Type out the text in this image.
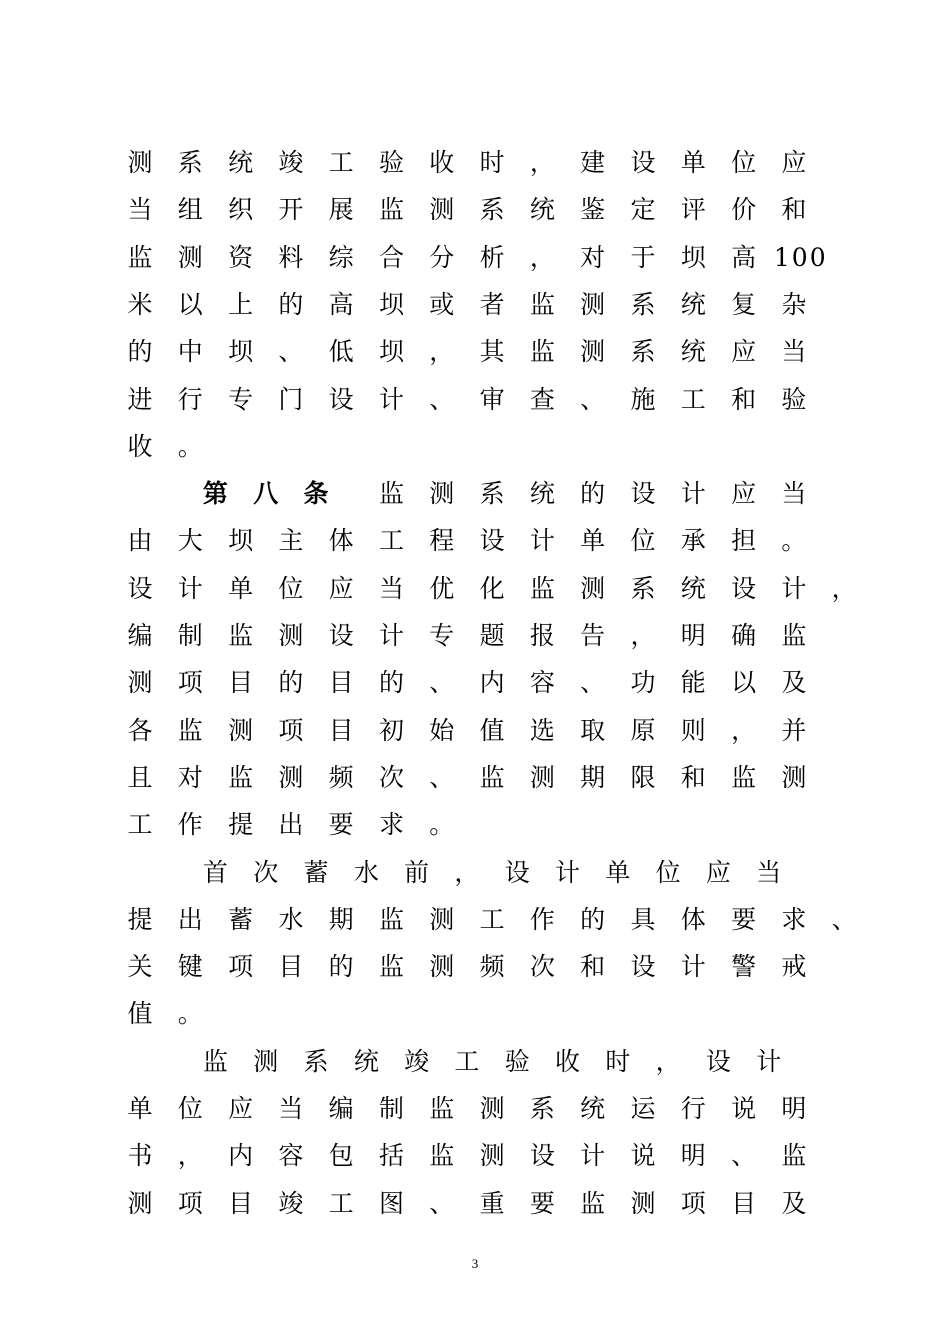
测	系	统	竣	工	验	收	时	，	建	设	单	位	应
当	组	织	开	展	监	测	系	统	鉴	定	评	价	和
监	测	资	料	综	合	分	析	，	对	于	坝	高 100
米	以	上	的	高	坝	或	者	监	测	系	统	复	杂
的	中	坝	、	低	坝	，	其	监	测	系	统	应	当
进	行	专	门	设	计	、	审	查	、	施	工	和	验
收	。
第	八	条	监	测	系	统	的	设	计	应	当
由	大	坝	主	体	工	程	设	计	单	位	承	担	。
设	计	单	位	应	当	优	化	监	测	系	统	设	计	，
编	制	监	测	设	计	专	题	报	告	，	明	确	监
测	项	目	的	目	的	、	内	容	、	功	能	以	及
各	监	测	项	目	初	始	值	选	取	原	则	，	并
且	对	监	测	频	次	、	监	测	期	限	和	监	测
工	作	提	出	要	求	。
首	次	蓄	水	前	，	设	计	单	位	应	当
提	出	蓄	水	期	监	测	工	作	的	具	体	要	求	、
关	键	项	目	的	监	测	频	次	和	设	计	警	戒
值	。
监	测	系	统	竣	工	验	收	时	，	设	计
单	位	应	当	编	制	监	测	系	统	运	行	说	明
书	，	内	容	包	括	监	测	设	计	说	明	、	监
测	项	目	竣	工	图	、	重	要	监	测	项	目	及
3
